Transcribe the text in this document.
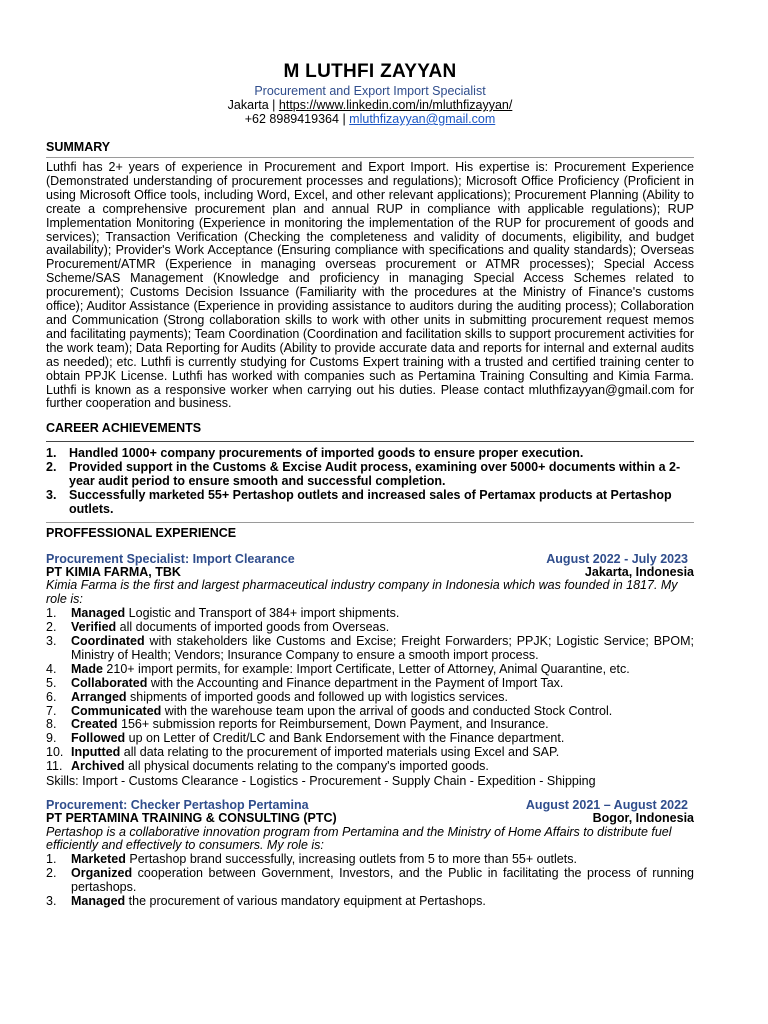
M LUTHFI ZAYYAN
Procurement and Export Import Specialist
Jakarta | https://www.linkedin.com/in/mluthfizayyan/
+62 8989419364 | mluthfizayyan@gmail.com
SUMMARY
Luthfi has 2+ years of experience in Procurement and Export Import. His expertise is: Procurement Experience (Demonstrated understanding of procurement processes and regulations); Microsoft Office Proficiency (Proficient in using Microsoft Office tools, including Word, Excel, and other relevant applications); Procurement Planning (Ability to create a comprehensive procurement plan and annual RUP in compliance with applicable regulations); RUP Implementation Monitoring (Experience in monitoring the implementation of the RUP for procurement of goods and services); Transaction Verification (Checking the completeness and validity of documents, eligibility, and budget availability); Provider's Work Acceptance (Ensuring compliance with specifications and quality standards); Overseas Procurement/ATMR (Experience in managing overseas procurement or ATMR processes); Special Access Scheme/SAS Management (Knowledge and proficiency in managing Special Access Schemes related to procurement); Customs Decision Issuance (Familiarity with the procedures at the Ministry of Finance's customs office); Auditor Assistance (Experience in providing assistance to auditors during the auditing process); Collaboration and Communication (Strong collaboration skills to work with other units in submitting procurement request memos and facilitating payments); Team Coordination (Coordination and facilitation skills to support procurement activities for the work team); Data Reporting for Audits (Ability to provide accurate data and reports for internal and external audits as needed); etc. Luthfi is currently studying for Customs Expert training with a trusted and certified training center to obtain PPJK License. Luthfi has worked with companies such as Pertamina Training Consulting and Kimia Farma. Luthfi is known as a responsive worker when carrying out his duties. Please contact mluthfizayyan@gmail.com for further cooperation and business.
CAREER ACHIEVEMENTS
1.	Handled 1000+ company procurements of imported goods to ensure proper execution.
2.	Provided support in the Customs & Excise Audit process, examining over 5000+ documents within a 2-year audit period to ensure smooth and successful completion.
3.	Successfully marketed 55+ Pertashop outlets and increased sales of Pertamax products at Pertashop outlets.
PROFFESSIONAL EXPERIENCE
Procurement Specialist: Import Clearance	August 2022 - July 2023
PT KIMIA FARMA, TBK	Jakarta, Indonesia
Kimia Farma is the first and largest pharmaceutical industry company in Indonesia which was founded in 1817. My role is:
1.	Managed Logistic and Transport of 384+ import shipments.
2.	Verified all documents of imported goods from Overseas.
3.	Coordinated with stakeholders like Customs and Excise; Freight Forwarders; PPJK; Logistic Service; BPOM; Ministry of Health; Vendors; Insurance Company to ensure a smooth import process.
4.	Made 210+ import permits, for example: Import Certificate, Letter of Attorney, Animal Quarantine, etc.
5.	Collaborated with the Accounting and Finance department in the Payment of Import Tax.
6.	Arranged shipments of imported goods and followed up with logistics services.
7.	Communicated with the warehouse team upon the arrival of goods and conducted Stock Control.
8.	Created 156+ submission reports for Reimbursement, Down Payment, and Insurance.
9.	Followed up on Letter of Credit/LC and Bank Endorsement with the Finance department.
10. Inputted all data relating to the procurement of imported materials using Excel and SAP.
11. Archived all physical documents relating to the company's imported goods.
Skills: Import - Customs Clearance - Logistics - Procurement - Supply Chain - Expedition - Shipping
Procurement: Checker Pertashop Pertamina	August 2021 – August 2022
PT PERTAMINA TRAINING & CONSULTING (PTC)	Bogor, Indonesia
Pertashop is a collaborative innovation program from Pertamina and the Ministry of Home Affairs to distribute fuel efficiently and effectively to consumers. My role is:
1.	Marketed Pertashop brand successfully, increasing outlets from 5 to more than 55+ outlets.
2.	Organized cooperation between Government, Investors, and the Public in facilitating the process of running pertashops.
3.	Managed the procurement of various mandatory equipment at Pertashops.
